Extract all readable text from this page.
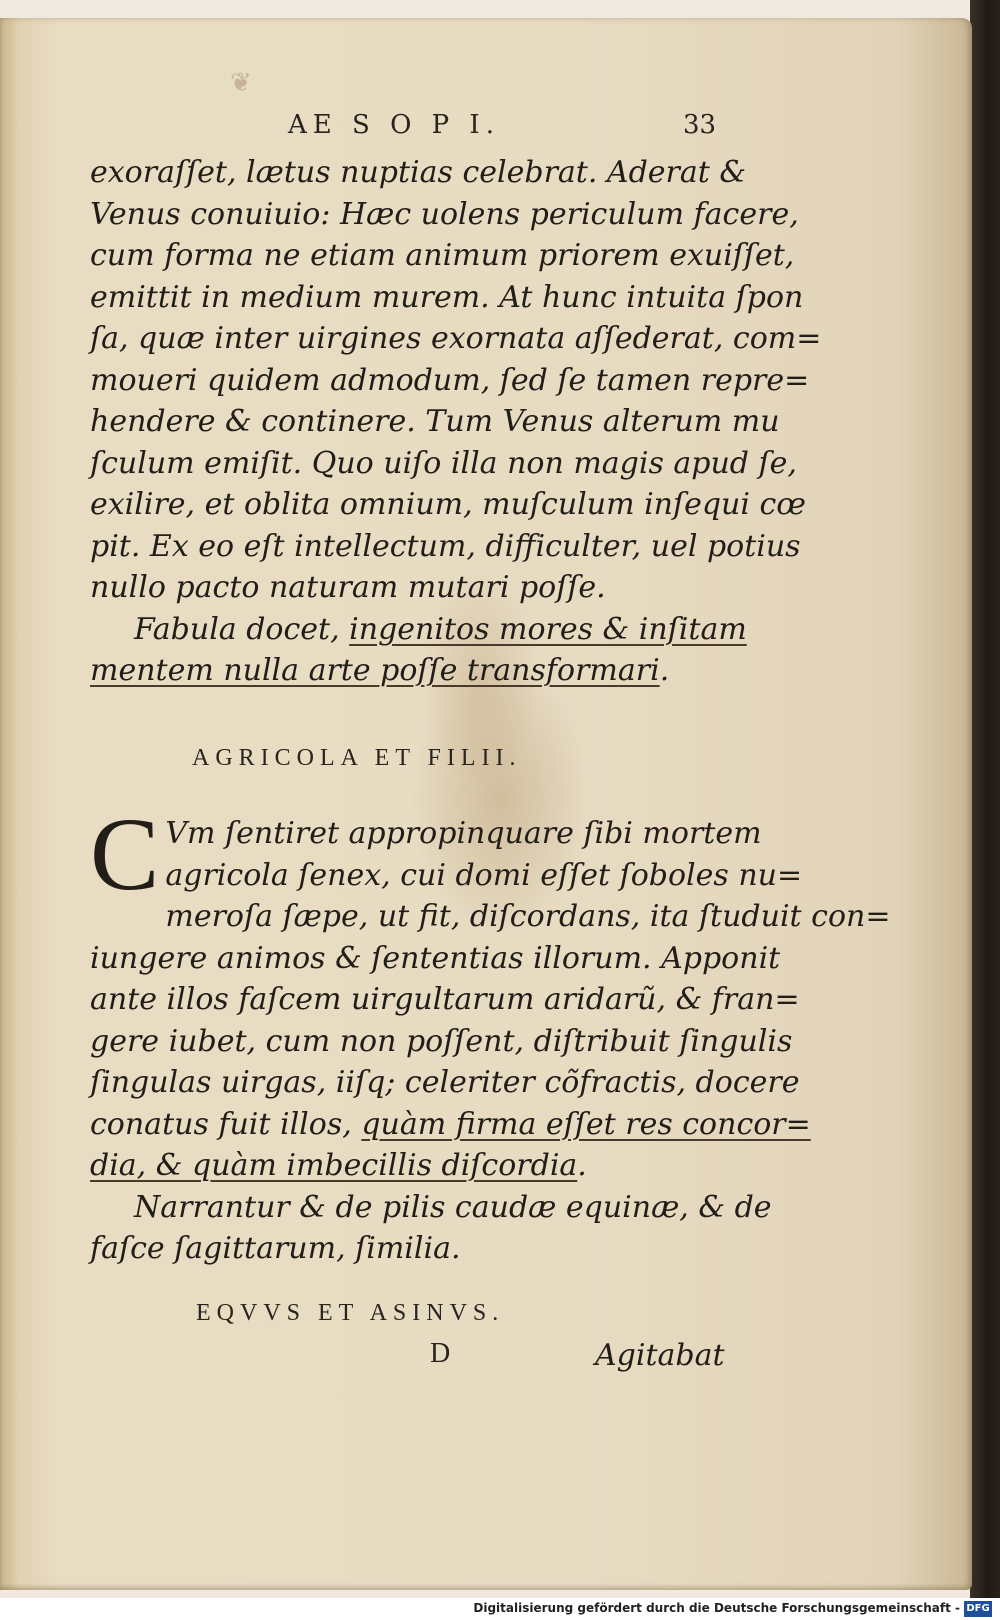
❦
AE S O P I.	33
exoraſſet, lætus nuptias celebrat. Aderat &
Venus conuiuio: Hæc uolens periculum facere,
cum forma ne etiam animum priorem exuiſſet,
emittit in medium murem. At hunc intuita ſpon
ſa, quæ inter uirgines exornata aſſederat, com=
moueri quidem admodum, ſed ſe tamen repre=
hendere & continere. Tum Venus alterum mu
ſculum emiſit. Quo uiſo illa non magis apud ſe,
exilire, et oblita omnium, muſculum inſequi cœ
pit. Ex eo eſt intellectum, difficulter, uel potius
nullo pacto naturam mutari poſſe.
Fabula docet, ingenitos mores & inſitam
mentem nulla arte poſſe transformari.
AGRICOLA ET FILII.
C Vm ſentiret appropinquare ſibi mortem
agricola ſenex, cui domi eſſet ſoboles nu=
meroſa ſæpe, ut fit, diſcordans, ita ſtuduit con=
iungere animos & ſententias illorum. Apponit
ante illos faſcem uirgultarum aridarũ, & fran=
gere iubet, cum non poſſent, diſtribuit ſingulis
ſingulas uirgas, iiſq; celeriter cõfractis, docere
conatus fuit illos, quàm firma eſſet res concor=
dia, & quàm imbecillis diſcordia.
Narrantur & de pilis caudæ equinæ, & de
faſce ſagittarum, ſimilia.
EQVVS ET ASINVS.
D	Agitabat
Digitalisierung gefördert durch die Deutsche Forschungsgemeinschaft - DFG
